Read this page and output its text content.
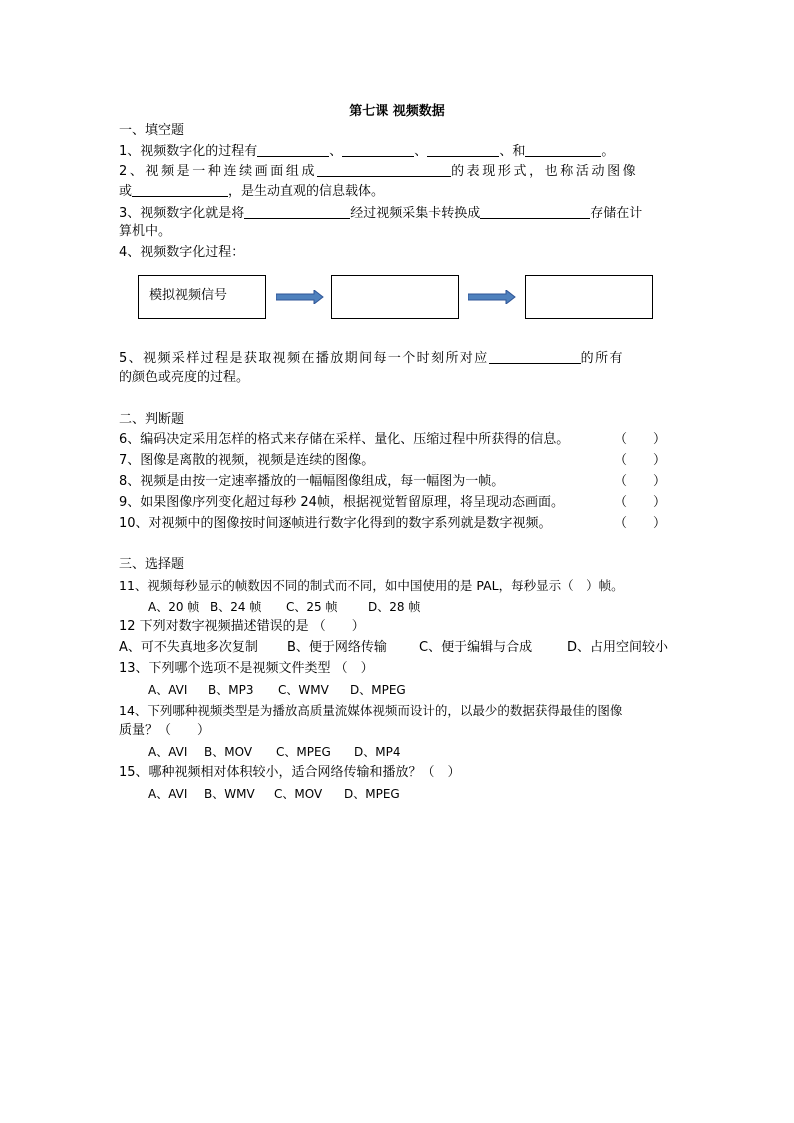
第七课 视频数据
一、填空题
1、视频数字化的过程有	、	、	、和	。
2、视频是一种连续画面组成	的表现形式，也称活动图像
或	，是生动直观的信息载体。
3、视频数字化就是将	经过视频采集卡转换成	存储在计
算机中。
4、视频数字化过程：
模拟视频信号
5、视频采样过程是获取视频在播放期间每一个时刻所对应	的所有
的颜色或亮度的过程。
二、判断题
6、编码决定采用怎样的格式来存储在采样、量化、压缩过程中所获得的信息。	（　　）
7、图像是离散的视频，视频是连续的图像。	（　　）
8、视频是由按一定速率播放的一幅幅图像组成，每一幅图为一帧。	（　　）
9、如果图像序列变化超过每秒 24帧，根据视觉暂留原理，将呈现动态画面。	（　　）
10、对视频中的图像按时间逐帧进行数字化得到的数字系列就是数字视频。	（　　）
三、选择题
11、视频每秒显示的帧数因不同的制式而不同，如中国使用的是 PAL，每秒显示（　）帧。
A、20 帧 B、24 帧 C、25 帧	D、28 帧
12 下列对数字视频描述错误的是 （　　）
A、可不失真地多次复制 B、便于网络传输 C、便于编辑与合成	D、占用空间较小
13、下列哪个选项不是视频文件类型 （　）
A、AVI B、MP3 C、WMV D、MPEG
14、下列哪种视频类型是为播放高质量流媒体视频而设计的，以最少的数据获得最佳的图像
质量？（　　）
A、AVI B、MOV C、MPEG D、MP4
15、哪种视频相对体积较小，适合网络传输和播放？（　）
A、AVI B、WMV C、MOV D、MPEG
